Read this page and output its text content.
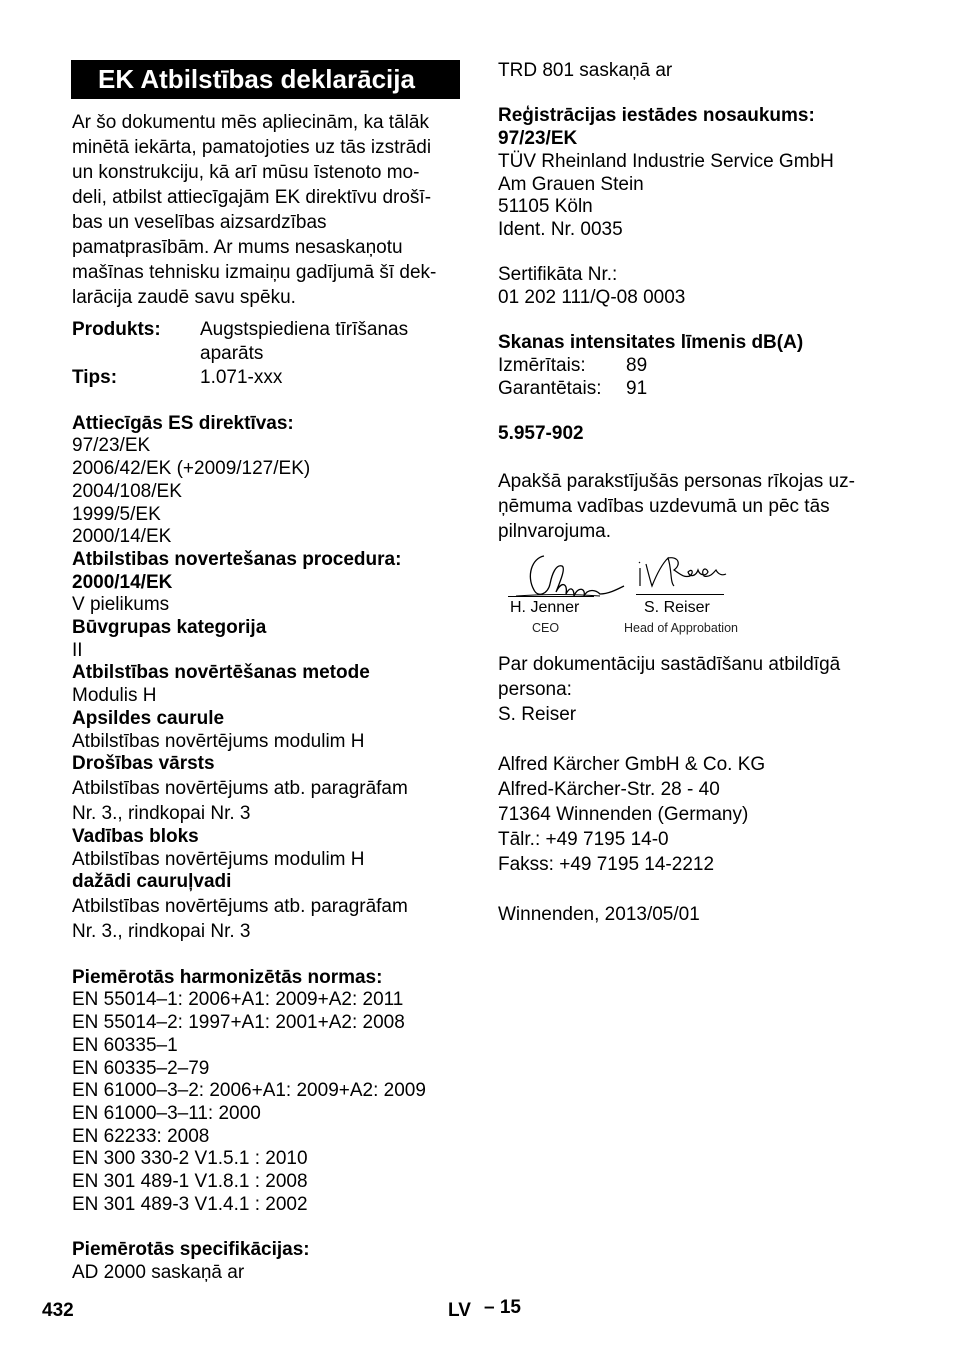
EK Atbilstības deklarācija
Ar šo dokumentu mēs apliecinām, ka tālāk
minētā iekārta, pamatojoties uz tās izstrādi
un konstrukciju, kā arī mūsu īstenoto mo-
deli, atbilst attiecīgajām EK direktīvu drošī-
bas un veselības aizsardzības
pamatprasībām. Ar mums nesaskaņotu
mašīnas tehnisku izmaiņu gadījumā šī dek-
larācija zaudē savu spēku.
Produkts:	Augstspiediena tīrīšanas
aparāts

Tips:	1.071-xxx
Attiecīgās ES direktīvas:
97/23/EK
2006/42/EK (+2009/127/EK)
2004/108/EK
1999/5/EK
2000/14/EK
Atbilstibas novertešanas procedura:
2000/14/EK
V pielikums
Būvgrupas kategorija
II
Atbilstības novērtēšanas metode
Modulis H
Apsildes caurule
Atbilstības novērtējums modulim H
Drošības vārsts
Atbilstības novērtējums atb. paragrāfam
Nr. 3., rindkopai Nr. 3
Vadības bloks
Atbilstības novērtējums modulim H
dažādi cauruļvadi
Atbilstības novērtējums atb. paragrāfam
Nr. 3., rindkopai Nr. 3
Piemērotās harmonizētās normas:
EN 55014–1: 2006+A1: 2009+A2: 2011
EN 55014–2: 1997+A1: 2001+A2: 2008
EN 60335–1
EN 60335–2–79
EN 61000–3–2: 2006+A1: 2009+A2: 2009
EN 61000–3–11: 2000
EN 62233: 2008
EN 300 330-2 V1.5.1 : 2010
EN 301 489-1 V1.8.1 : 2008
EN 301 489-3 V1.4.1 : 2002
Piemērotās specifikācijas:
AD 2000 saskaņā ar
TRD 801 saskaņā ar
Reģistrācijas iestādes nosaukums:
97/23/EK
TÜV Rheinland Industrie Service GmbH
Am Grauen Stein
51105 Köln
Ident. Nr. 0035
Sertifikāta Nr.:
01 202 111/Q-08 0003
Skanas intensitates līmenis dB(A)
Izmērītais:	89
Garantētais:	91
5.957-902
Apakšā parakstījušās personas rīkojas uz-
ņēmuma vadības uzdevumā un pēc tās
pilnvarojuma.
H. Jenner
CEO
S. Reiser
Head of Approbation
Par dokumentāciju sastādīšanu atbildīgā
persona:
S. Reiser
Alfred Kärcher GmbH & Co. KG
Alfred-Kärcher-Str. 28 - 40
71364 Winnenden (Germany)
Tālr.: +49 7195 14-0
Fakss: +49 7195 14-2212
Winnenden, 2013/05/01
432	LV – 15
